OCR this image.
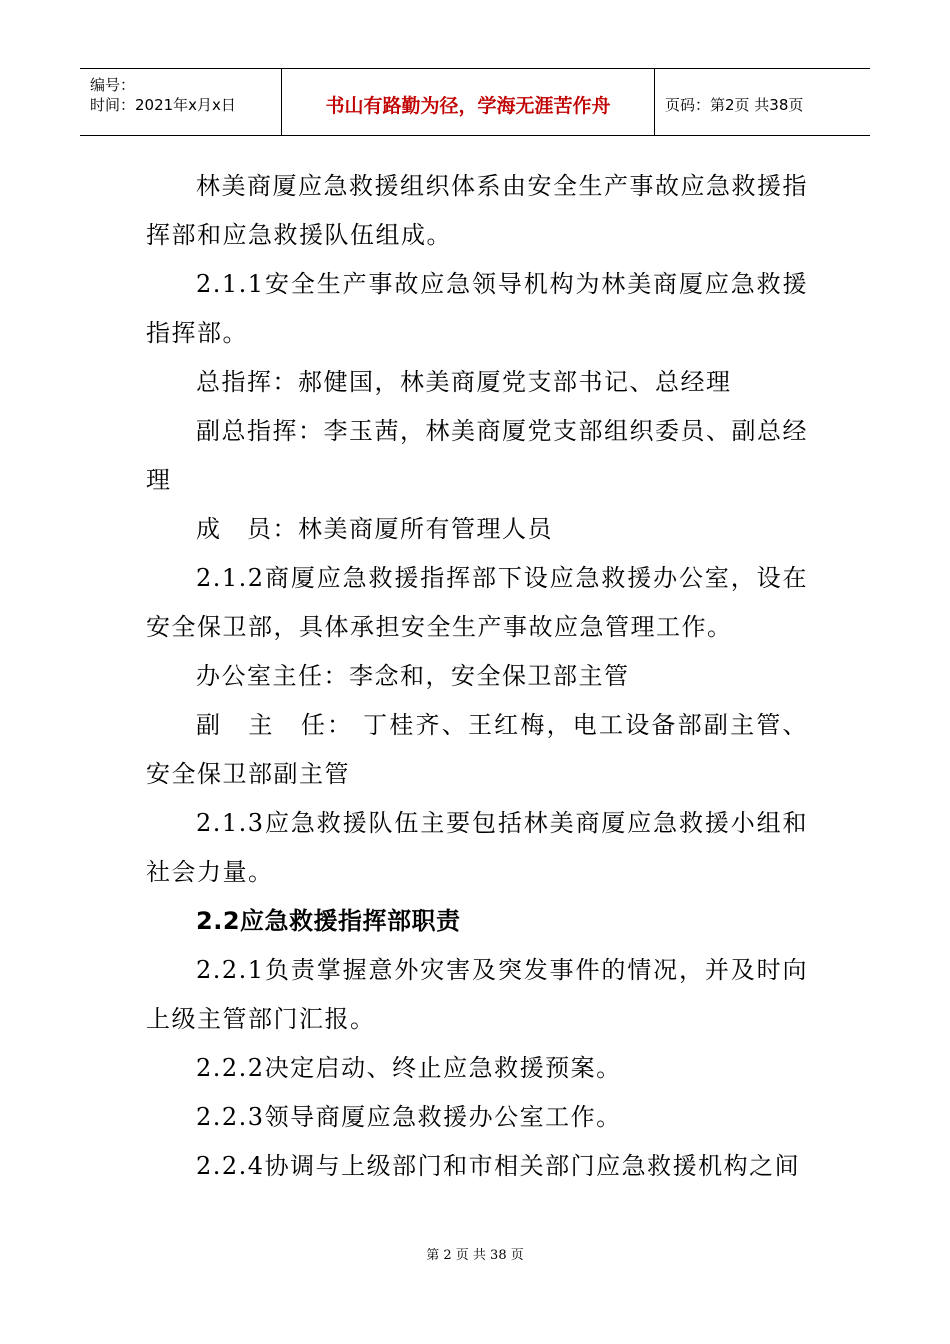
编号：
时间：2021年x月x日	书山有路勤为径，学海无涯苦作舟	页码：第2页 共38页

林美商厦应急救援组织体系由安全生产事故应急救援指挥部和应急救援队伍组成。

2.1.1安全生产事故应急领导机构为林美商厦应急救援指挥部。

总指挥：郝健国，林美商厦党支部书记、总经理

副总指挥：李玉茜，林美商厦党支部组织委员、副总经理

成　员：林美商厦所有管理人员

2.1.2商厦应急救援指挥部下设应急救援办公室，设在安全保卫部，具体承担安全生产事故应急管理工作。

办公室主任：李念和，安全保卫部主管

副　主　任： 丁桂齐、王红梅，电工设备部副主管、安全保卫部副主管

2.1.3应急救援队伍主要包括林美商厦应急救援小组和社会力量。

2.2应急救援指挥部职责

2.2.1负责掌握意外灾害及突发事件的情况，并及时向上级主管部门汇报。

2.2.2决定启动、终止应急救援预案。

2.2.3领导商厦应急救援办公室工作。

2.2.4协调与上级部门和市相关部门应急救援机构之间

第 2 页 共 38 页
